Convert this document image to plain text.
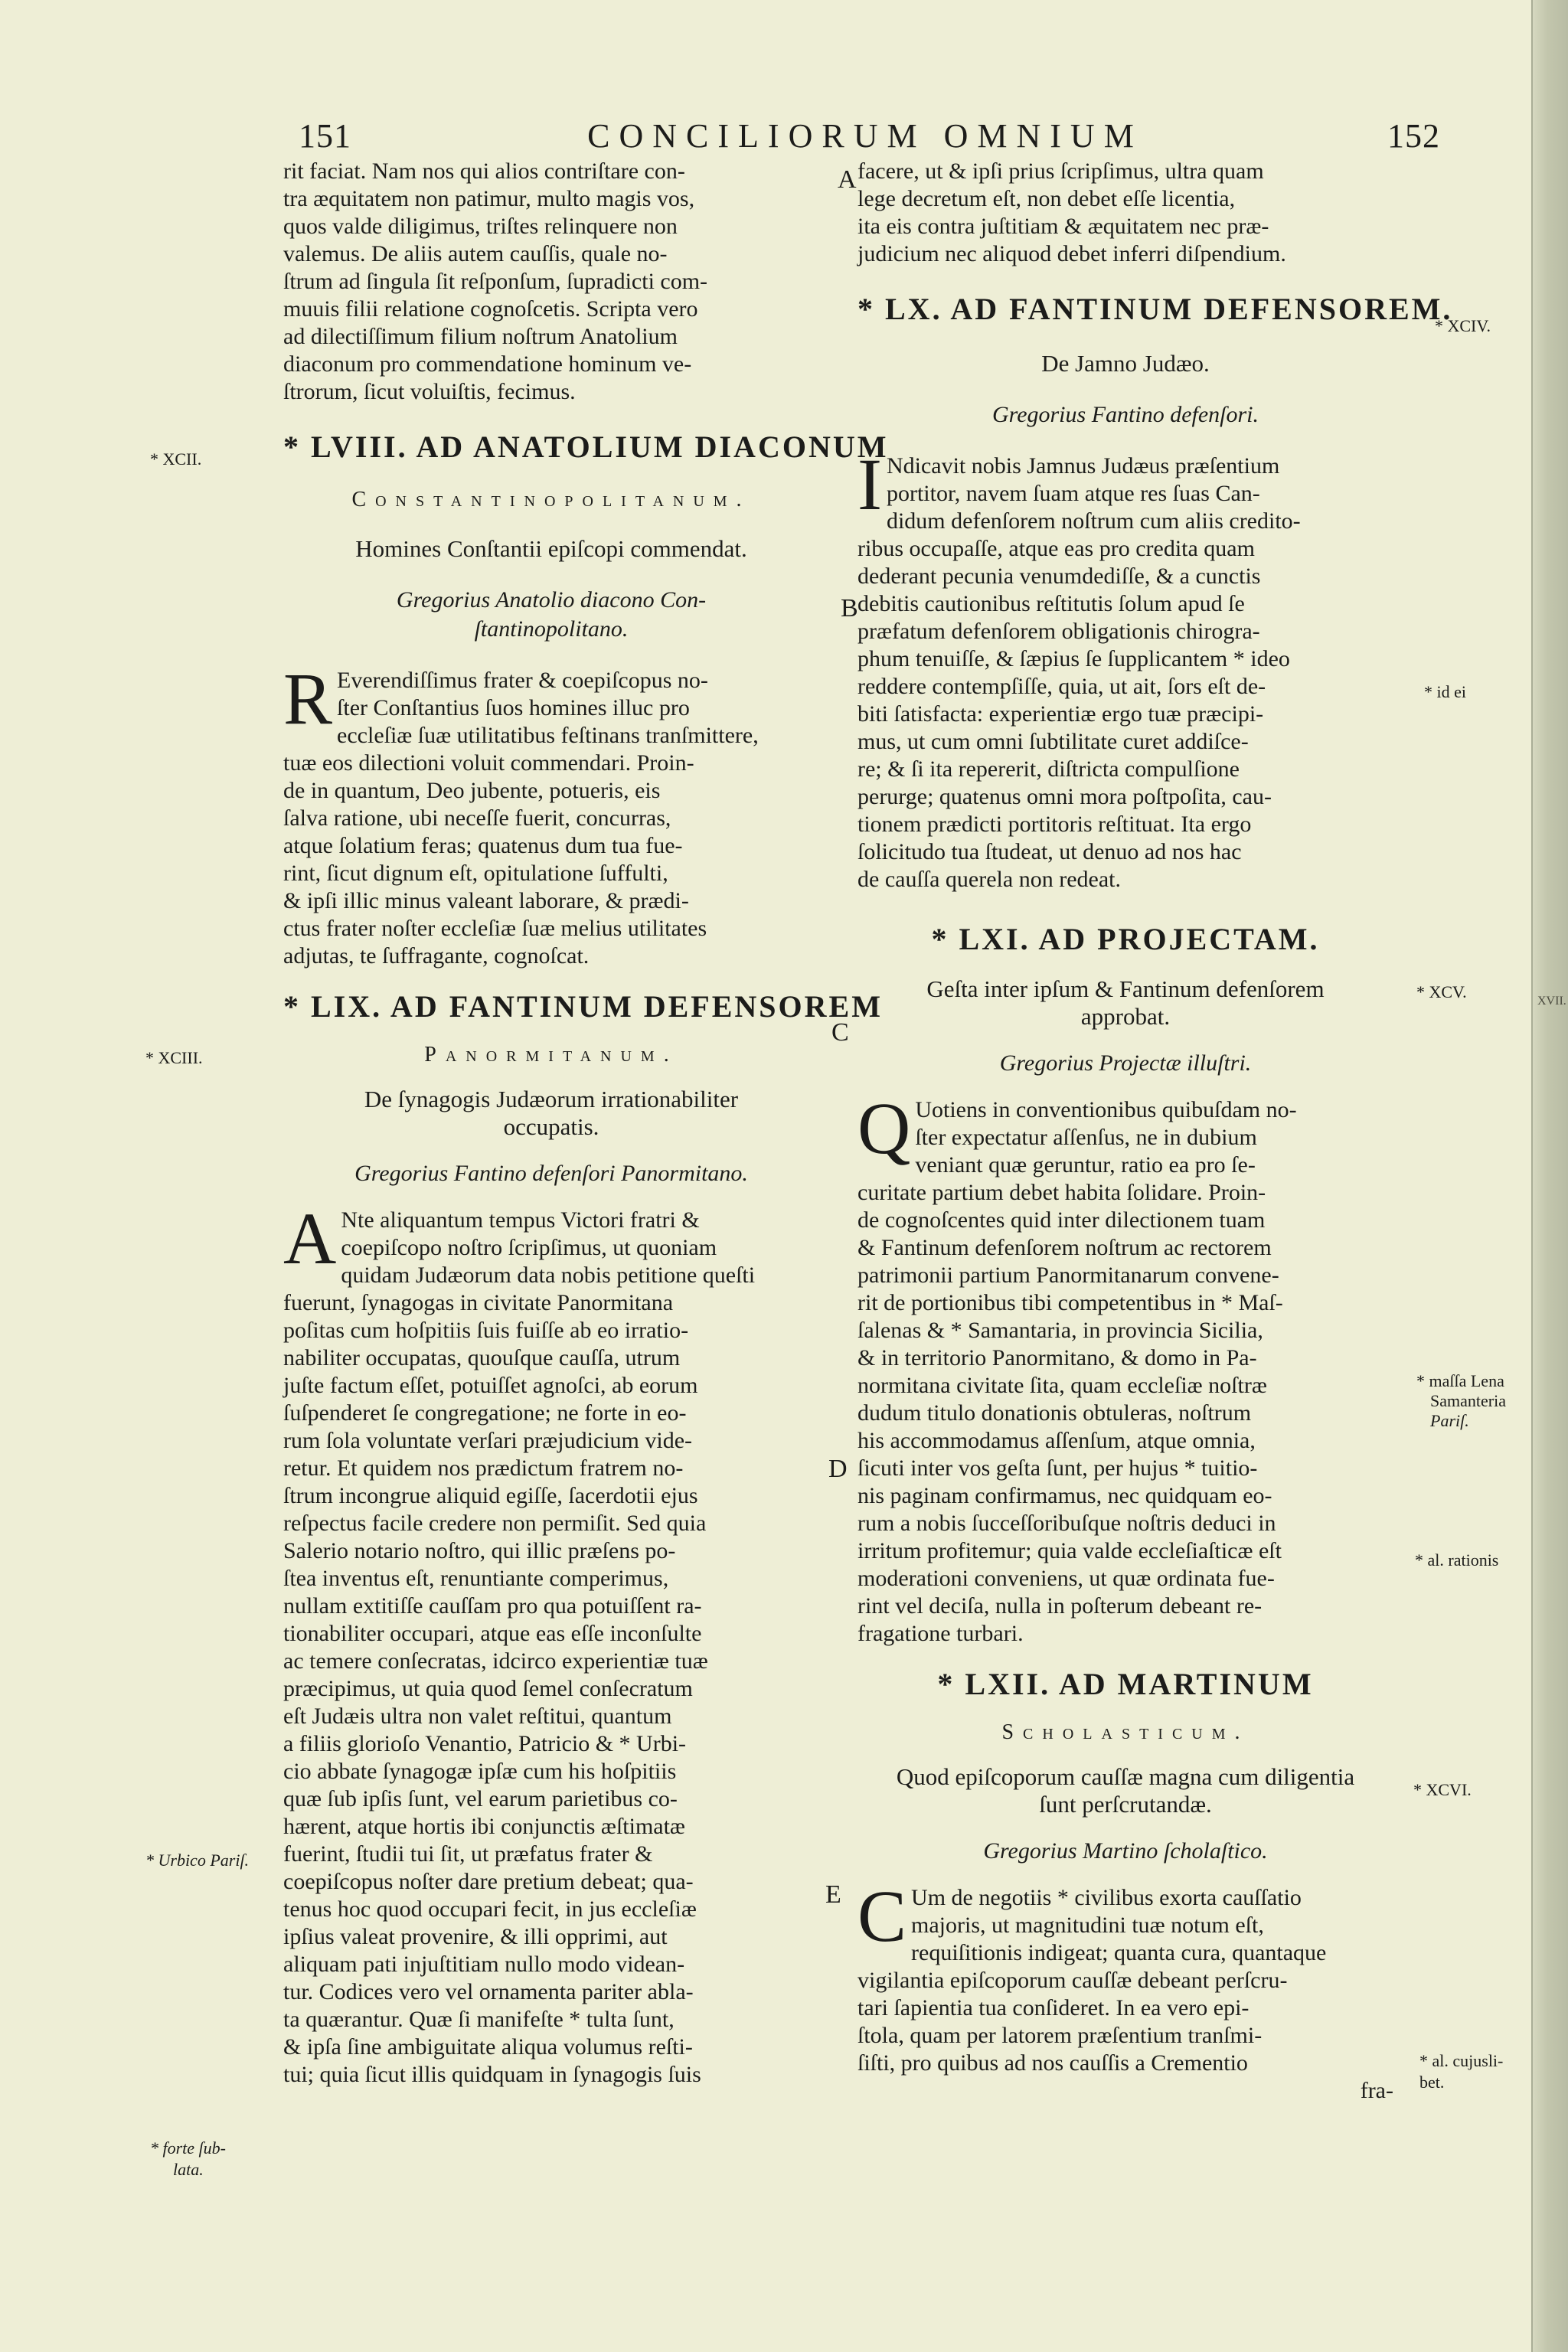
151	CONCILIORUM OMNIUM	152
rit faciat. Nam nos qui alios contriſtare con-
tra æquitatem non patimur, multo magis vos,
quos valde diligimus, triſtes relinquere non
valemus. De aliis autem cauſſis, quale no-
ſtrum ad ſingula ſit reſponſum, ſupradicti com-
muuis filii relatione cognoſcetis. Scripta vero
ad dilectiſſimum filium noſtrum Anatolium
diaconum pro commendatione hominum ve-
ſtrorum, ſicut voluiſtis, fecimus.
* LVIII. AD ANATOLIUM DIACONUM
Constantinopolitanum.
Homines Conſtantii epiſcopi commendat.
Gregorius Anatolio diacono Con-
ſtantinopolitano.
R Everendiſſimus frater & coepiſcopus no-
ſter Conſtantius ſuos homines illuc pro
eccleſiæ ſuæ utilitatibus feſtinans tranſmittere,
tuæ eos dilectioni voluit commendari. Proin-
de in quantum, Deo jubente, potueris, eis
ſalva ratione, ubi neceſſe fuerit, concurras,
atque ſolatium feras; quatenus dum tua fue-
rint, ſicut dignum eſt, opitulatione ſuffulti,
& ipſi illic minus valeant laborare, & prædi-
ctus frater noſter eccleſiæ ſuæ melius utilitates
adjutas, te ſuffragante, cognoſcat.
* LIX. AD FANTINUM DEFENSOREM
Panormitanum.
De ſynagogis Judæorum irrationabiliter
occupatis.
Gregorius Fantino defenſori Panormitano.
A Nte aliquantum tempus Victori fratri &
coepiſcopo noſtro ſcripſimus, ut quoniam
quidam Judæorum data nobis petitione queſti
fuerunt, ſynagogas in civitate Panormitana
poſitas cum hoſpitiis ſuis fuiſſe ab eo irratio-
nabiliter occupatas, quouſque cauſſa, utrum
juſte factum eſſet, potuiſſet agnoſci, ab eorum
ſuſpenderet ſe congregatione; ne forte in eo-
rum ſola voluntate verſari præjudicium vide-
retur. Et quidem nos prædictum fratrem no-
ſtrum incongrue aliquid egiſſe, ſacerdotii ejus
reſpectus facile credere non permiſit. Sed quia
Salerio notario noſtro, qui illic præſens po-
ſtea inventus eſt, renuntiante comperimus,
nullam extitiſſe cauſſam pro qua potuiſſent ra-
tionabiliter occupari, atque eas eſſe inconſulte
ac temere conſecratas, idcirco experientiæ tuæ
præcipimus, ut quia quod ſemel conſecratum
eſt Judæis ultra non valet reſtitui, quantum
a filiis glorioſo Venantio, Patricio & * Urbi-
cio abbate ſynagogæ ipſæ cum his hoſpitiis
quæ ſub ipſis ſunt, vel earum parietibus co-
hærent, atque hortis ibi conjunctis æſtimatæ
fuerint, ſtudii tui ſit, ut præfatus frater &
coepiſcopus noſter dare pretium debeat; qua-
tenus hoc quod occupari fecit, in jus eccleſiæ
ipſius valeat provenire, & illi opprimi, aut
aliquam pati injuſtitiam nullo modo videan-
tur. Codices vero vel ornamenta pariter abla-
ta quærantur. Quæ ſi manifeſte * tulta ſunt,
& ipſa ſine ambiguitate aliqua volumus reſti-
tui; quia ſicut illis quidquam in ſynagogis ſuis
facere, ut & ipſi prius ſcripſimus, ultra quam
lege decretum eſt, non debet eſſe licentia,
ita eis contra juſtitiam & æquitatem nec præ-
judicium nec aliquod debet inferri diſpendium.
* LX. AD FANTINUM DEFENSOREM.
De Jamno Judæo.
Gregorius Fantino defenſori.
I Ndicavit nobis Jamnus Judæus præſentium
portitor, navem ſuam atque res ſuas Can-
didum defenſorem noſtrum cum aliis credito-
ribus occupaſſe, atque eas pro credita quam
dederant pecunia venumdediſſe, & a cunctis
debitis cautionibus reſtitutis ſolum apud ſe
præfatum defenſorem obligationis chirogra-
phum tenuiſſe, & ſæpius ſe ſupplicantem * ideo
reddere contempſiſſe, quia, ut ait, ſors eſt de-
biti ſatisfacta: experientiæ ergo tuæ præcipi-
mus, ut cum omni ſubtilitate curet addiſce-
re; & ſi ita repererit, diſtricta compulſione
perurge; quatenus omni mora poſtpoſita, cau-
tionem prædicti portitoris reſtituat. Ita ergo
ſolicitudo tua ſtudeat, ut denuo ad nos hac
de cauſſa querela non redeat.
* LXI. AD PROJECTAM.
Geſta inter ipſum & Fantinum defenſorem
approbat.
Gregorius Projectæ illuſtri.
Q Uotiens in conventionibus quibuſdam no-
ſter expectatur aſſenſus, ne in dubium
veniant quæ geruntur, ratio ea pro ſe-
curitate partium debet habita ſolidare. Proin-
de cognoſcentes quid inter dilectionem tuam
& Fantinum defenſorem noſtrum ac rectorem
patrimonii partium Panormitanarum convene-
rit de portionibus tibi competentibus in * Maſ-
ſalenas & * Samantaria, in provincia Sicilia,
& in territorio Panormitano, & domo in Pa-
normitana civitate ſita, quam eccleſiæ noſtræ
dudum titulo donationis obtuleras, noſtrum
his accommodamus aſſenſum, atque omnia,
ſicuti inter vos geſta ſunt, per hujus * tuitio-
nis paginam confirmamus, nec quidquam eo-
rum a nobis ſucceſſoribuſque noſtris deduci in
irritum profitemur; quia valde eccleſiaſticæ eſt
moderationi conveniens, ut quæ ordinata fue-
rint vel deciſa, nulla in poſterum debeant re-
fragatione turbari.
* LXII. AD MARTINUM
Scholasticum.
Quod epiſcoporum cauſſæ magna cum diligentia
ſunt perſcrutandæ.
Gregorius Martino ſcholaſtico.
C Um de negotiis * civilibus exorta cauſſatio
majoris, ut magnitudini tuæ notum eſt,
requiſitionis indigeat; quanta cura, quantaque
vigilantia epiſcoporum cauſſæ debeant perſcru-
tari ſapientia tua conſideret. In ea vero epi-
ſtola, quam per latorem præſentium tranſmi-
ſiſti, pro quibus ad nos cauſſis a Crementio
fra-
A
B
C
D
E
* XCII.
* XCIII.
* Urbico Pariſ.
* forte ſub-
lata.
* XCIV.
* id ei
* XCV.
* maſſa Lena
Samanteria
Pariſ.
* al. rationis
* XCVI.
* al. cujusli-
bet.
XVII.
